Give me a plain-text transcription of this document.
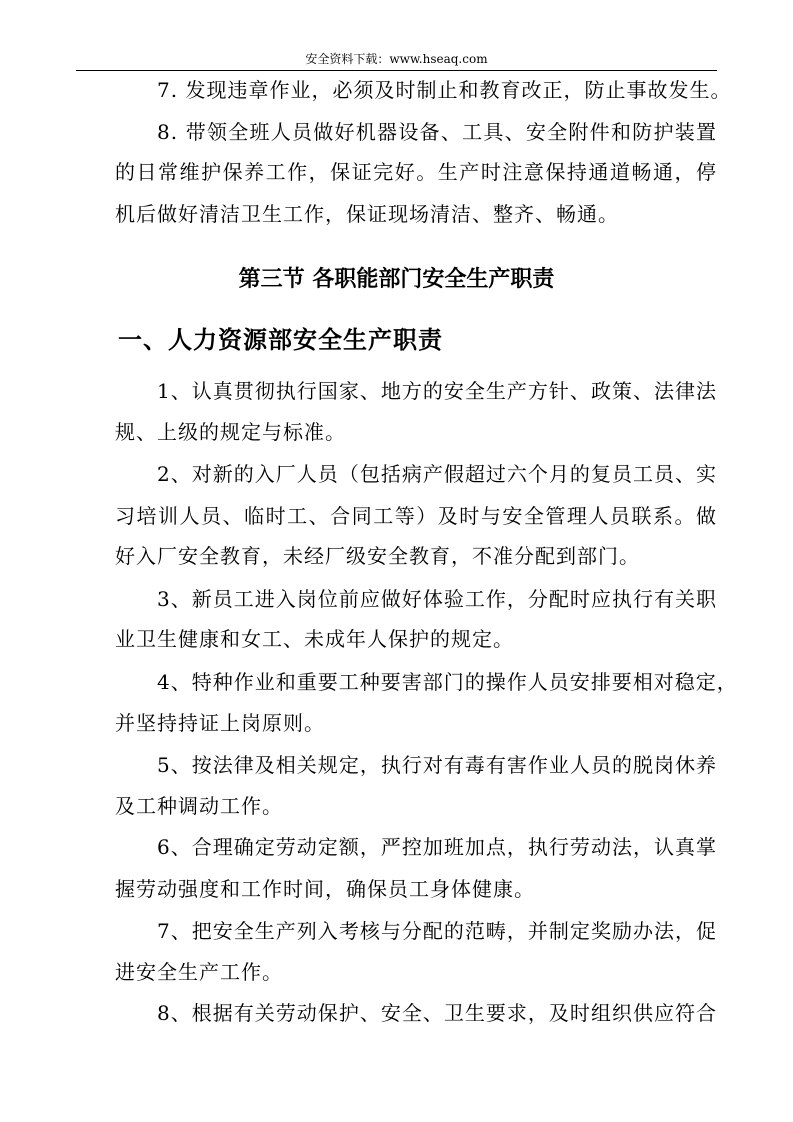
安全资料下载：www.hseaq.com
7. 发现违章作业，必须及时制止和教育改正，防止事故发生。
8. 带领全班人员做好机器设备、工具、安全附件和防护装置
的日常维护保养工作，保证完好。生产时注意保持通道畅通，停
机后做好清洁卫生工作，保证现场清洁、整齐、畅通。
第三节 各职能部门安全生产职责
一、人力资源部安全生产职责
1、认真贯彻执行国家、地方的安全生产方针、政策、法律法
规、上级的规定与标准。
2、对新的入厂人员（包括病产假超过六个月的复员工员、实
习培训人员、临时工、合同工等）及时与安全管理人员联系。做
好入厂安全教育，未经厂级安全教育，不准分配到部门。
3、新员工进入岗位前应做好体验工作，分配时应执行有关职
业卫生健康和女工、未成年人保护的规定。
4、特种作业和重要工种要害部门的操作人员安排要相对稳定，
并坚持持证上岗原则。
5、按法律及相关规定，执行对有毒有害作业人员的脱岗休养
及工种调动工作。
6、合理确定劳动定额，严控加班加点，执行劳动法，认真掌
握劳动强度和工作时间，确保员工身体健康。
7、把安全生产列入考核与分配的范畴，并制定奖励办法，促
进安全生产工作。
8、根据有关劳动保护、安全、卫生要求，及时组织供应符合
